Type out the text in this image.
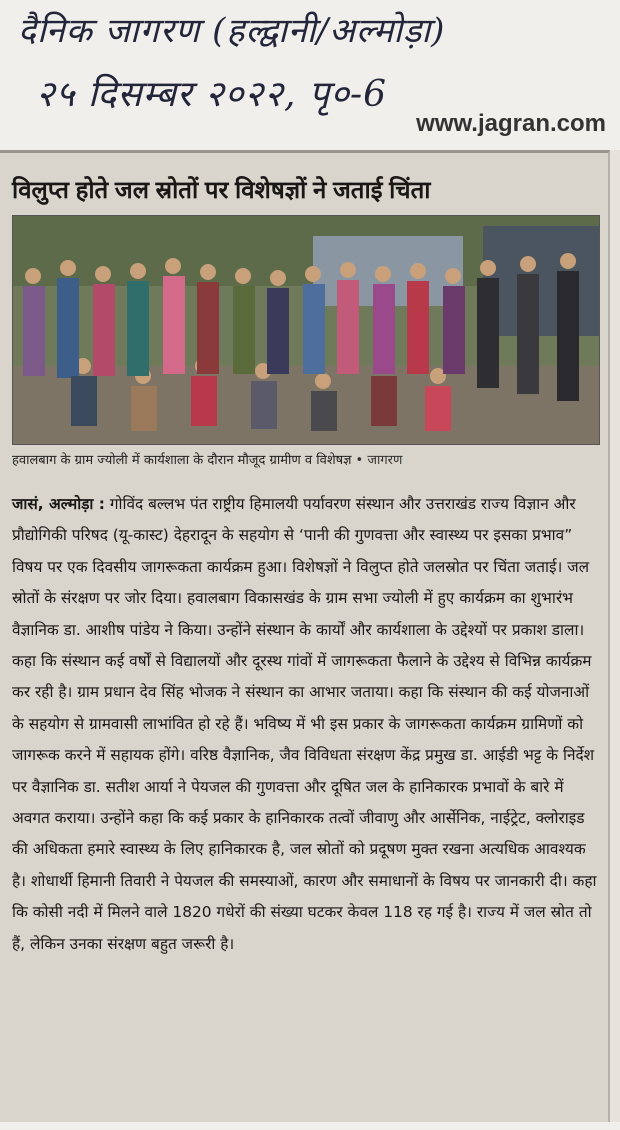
दैनिक जागरण (हल्द्वानी/अल्मोड़ा)
२५ दिसम्बर २०२२, पृ०-6
www.jagran.com
विलुप्त होते जल स्रोतों पर विशेषज्ञों ने जताई चिंता
हवालबाग के ग्राम ज्योली में कार्यशाला के दौरान मौजूद ग्रामीण व विशेषज्ञ • जागरण
जासं, अल्मोड़ा : गोविंद बल्लभ पंत राष्ट्रीय हिमालयी पर्यावरण संस्थान और उत्तराखंड राज्य विज्ञान और प्रौद्योगिकी परिषद (यू-कास्ट) देहरादून के सहयोग से ‘पानी की गुणवत्ता और स्वास्थ्य पर इसका प्रभाव” विषय पर एक दिवसीय जागरूकता कार्यक्रम हुआ। विशेषज्ञों ने विलुप्त होते जलस्रोत पर चिंता जताई। जल स्रोतों के संरक्षण पर जोर दिया। हवालबाग विकासखंड के ग्राम सभा ज्योली में हुए कार्यक्रम का शुभारंभ वैज्ञानिक डा. आशीष पांडेय ने किया। उन्होंने संस्थान के कार्यों और कार्यशाला के उद्देश्यों पर प्रकाश डाला। कहा कि संस्थान कई वर्षों से विद्यालयों और दूरस्थ गांवों में जागरूकता फैलाने के उद्देश्य से विभिन्न कार्यक्रम कर रही है। ग्राम प्रधान देव सिंह भोजक ने संस्थान का आभार जताया। कहा कि संस्थान की कई योजनाओं के सहयोग से ग्रामवासी लाभांवित हो रहे हैं। भविष्य में भी इस प्रकार के जागरूकता कार्यक्रम ग्रामिणों को जागरूक करने में सहायक होंगे। वरिष्ठ वैज्ञानिक, जैव विविधता संरक्षण केंद्र प्रमुख डा. आईडी भट्ट के निर्देश पर वैज्ञानिक डा. सतीश आर्या ने पेयजल की गुणवत्ता और दूषित जल के हानिकारक प्रभावों के बारे में अवगत कराया। उन्होंने कहा कि कई प्रकार के हानिकारक तत्वों जीवाणु और आर्सेनिक, नाईट्रेट, क्लोराइड की अधिकता हमारे स्वास्थ्य के लिए हानिकारक है, जल स्रोतों को प्रदूषण मुक्त रखना अत्यधिक आवश्यक है। शोधार्थी हिमानी तिवारी ने पेयजल की समस्याओं, कारण और समाधानों के विषय पर जानकारी दी। कहा कि कोसी नदी में मिलने वाले 1820 गधेरों की संख्या घटकर केवल 118 रह गई है। राज्य में जल स्रोत तो हैं, लेकिन उनका संरक्षण बहुत जरूरी है।
